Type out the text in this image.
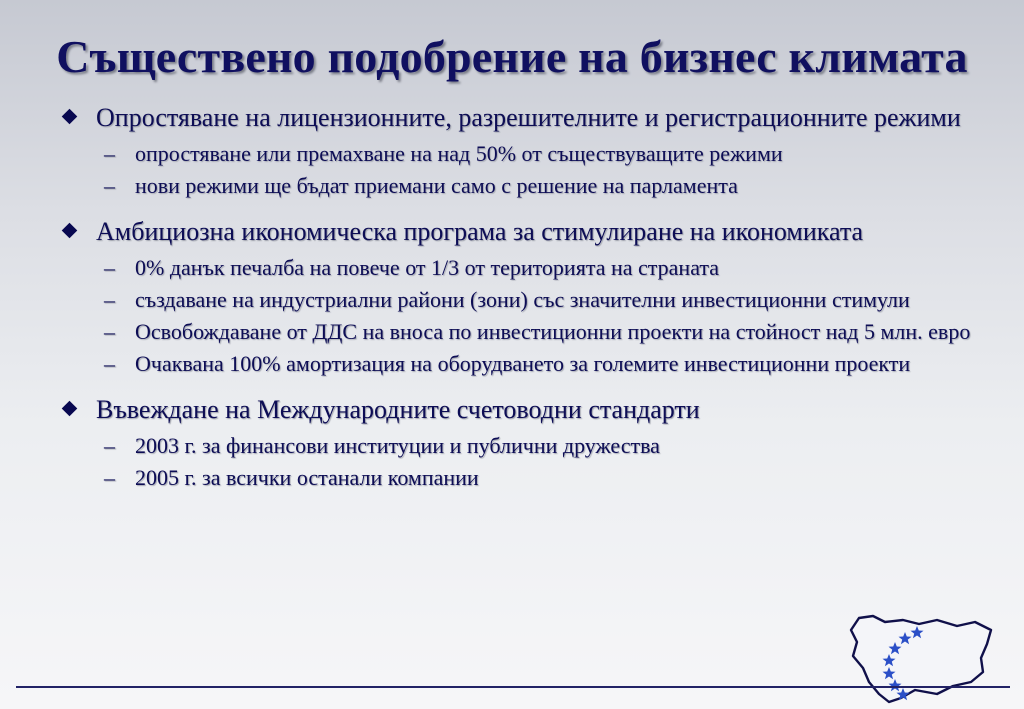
Съществено подобрение на бизнес климата
Опростяване на лицензионните, разрешителните и регистрационните режими
– опростяване или премахване на над 50% от съществуващите режими
– нови режими ще бъдат приемани само с решение на парламента
Амбициозна икономическа програма за стимулиране на икономиката
– 0% данък печалба на повече от 1/3 от територията на страната
– създаване на индустриални райони (зони) със значителни инвестиционни стимули
– Освобождаване от ДДС на вноса по инвестиционни проекти на стойност над 5 млн. евро
– Очаквана 100% амортизация на оборудването за големите инвестиционни проекти
Въвеждане на Международните счетоводни стандарти
– 2003 г. за финансови институции и публични дружества
– 2005 г. за всички останали компании
